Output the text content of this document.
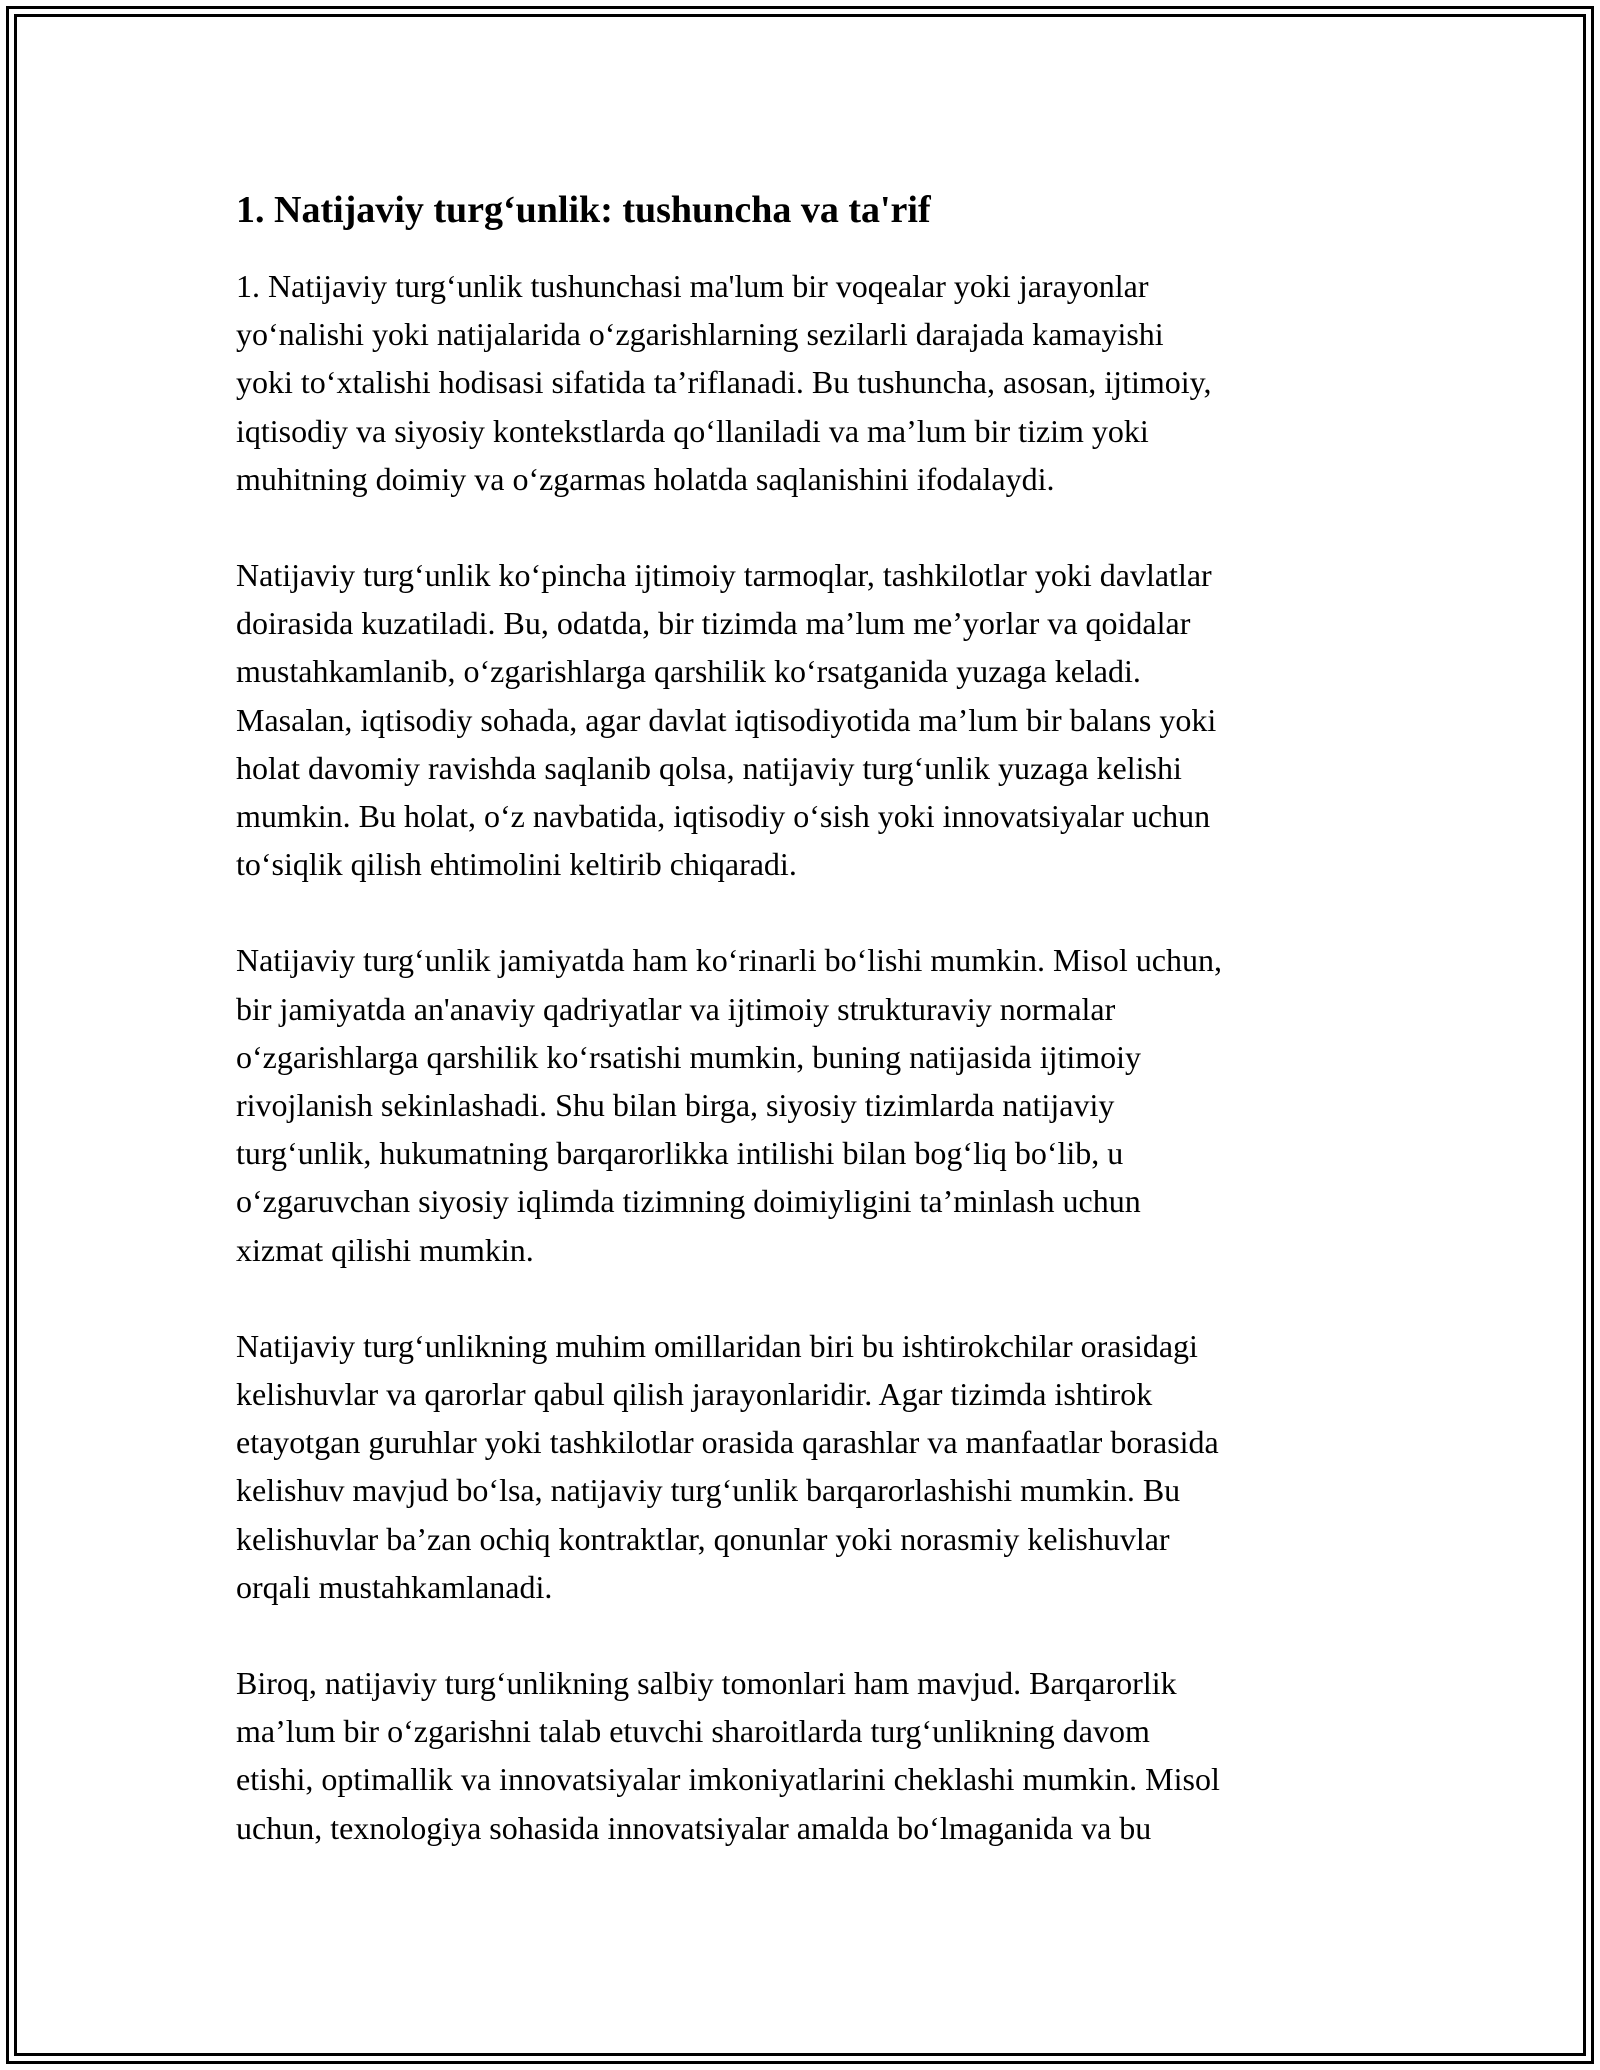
1. Natijaviy turg‘unlik: tushuncha va ta'rif

1. Natijaviy turg‘unlik tushunchasi ma'lum bir voqealar yoki jarayonlar
yo‘nalishi yoki natijalarida o‘zgarishlarning sezilarli darajada kamayishi
yoki to‘xtalishi hodisasi sifatida ta’riflanadi. Bu tushuncha, asosan, ijtimoiy,
iqtisodiy va siyosiy kontekstlarda qo‘llaniladi va ma’lum bir tizim yoki
muhitning doimiy va o‘zgarmas holatda saqlanishini ifodalaydi.

Natijaviy turg‘unlik ko‘pincha ijtimoiy tarmoqlar, tashkilotlar yoki davlatlar
doirasida kuzatiladi. Bu, odatda, bir tizimda ma’lum me’yorlar va qoidalar
mustahkamlanib, o‘zgarishlarga qarshilik ko‘rsatganida yuzaga keladi.
Masalan, iqtisodiy sohada, agar davlat iqtisodiyotida ma’lum bir balans yoki
holat davomiy ravishda saqlanib qolsa, natijaviy turg‘unlik yuzaga kelishi
mumkin. Bu holat, o‘z navbatida, iqtisodiy o‘sish yoki innovatsiyalar uchun
to‘siqlik qilish ehtimolini keltirib chiqaradi.

Natijaviy turg‘unlik jamiyatda ham ko‘rinarli bo‘lishi mumkin. Misol uchun,
bir jamiyatda an'anaviy qadriyatlar va ijtimoiy strukturaviy normalar
o‘zgarishlarga qarshilik ko‘rsatishi mumkin, buning natijasida ijtimoiy
rivojlanish sekinlashadi. Shu bilan birga, siyosiy tizimlarda natijaviy
turg‘unlik, hukumatning barqarorlikka intilishi bilan bog‘liq bo‘lib, u
o‘zgaruvchan siyosiy iqlimda tizimning doimiyligini ta’minlash uchun
xizmat qilishi mumkin.

Natijaviy turg‘unlikning muhim omillaridan biri bu ishtirokchilar orasidagi
kelishuvlar va qarorlar qabul qilish jarayonlaridir. Agar tizimda ishtirok
etayotgan guruhlar yoki tashkilotlar orasida qarashlar va manfaatlar borasida
kelishuv mavjud bo‘lsa, natijaviy turg‘unlik barqarorlashishi mumkin. Bu
kelishuvlar ba’zan ochiq kontraktlar, qonunlar yoki norasmiy kelishuvlar
orqali mustahkamlanadi.

Biroq, natijaviy turg‘unlikning salbiy tomonlari ham mavjud. Barqarorlik
ma’lum bir o‘zgarishni talab etuvchi sharoitlarda turg‘unlikning davom
etishi, optimallik va innovatsiyalar imkoniyatlarini cheklashi mumkin. Misol
uchun, texnologiya sohasida innovatsiyalar amalda bo‘lmaganida va bu
